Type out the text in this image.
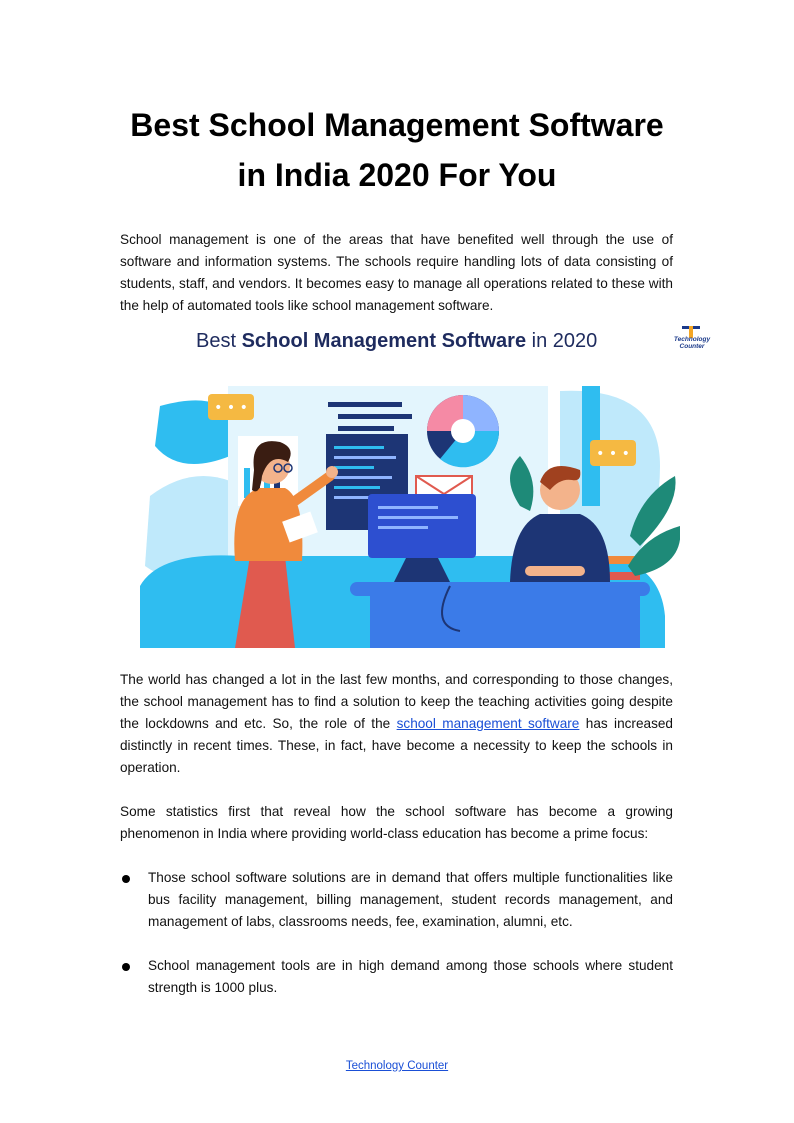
Best School Management Software
in India 2020 For You
School management is one of the areas that have benefited well through the use of software and information systems. The schools require handling lots of data consisting of students, staff, and vendors. It becomes easy to manage all operations related to these with the help of automated tools like school management software.
Best School Management Software in 2020	Technology
Counter
• • •
• • •
The world has changed a lot in the last few months, and corresponding to those changes, the school management has to find a solution to keep the teaching activities going despite the lockdowns and etc. So, the role of the school management software has increased distinctly in recent times. These, in fact, have become a necessity to keep the schools in operation.
Some statistics first that reveal how the school software has become a growing phenomenon in India where providing world-class education has become a prime focus:
Those school software solutions are in demand that offers multiple functionalities like bus facility management, billing management, student records management, and management of labs, classrooms needs, fee, examination, alumni, etc.
School management tools are in high demand among those schools where student strength is 1000 plus.
Technology Counter
